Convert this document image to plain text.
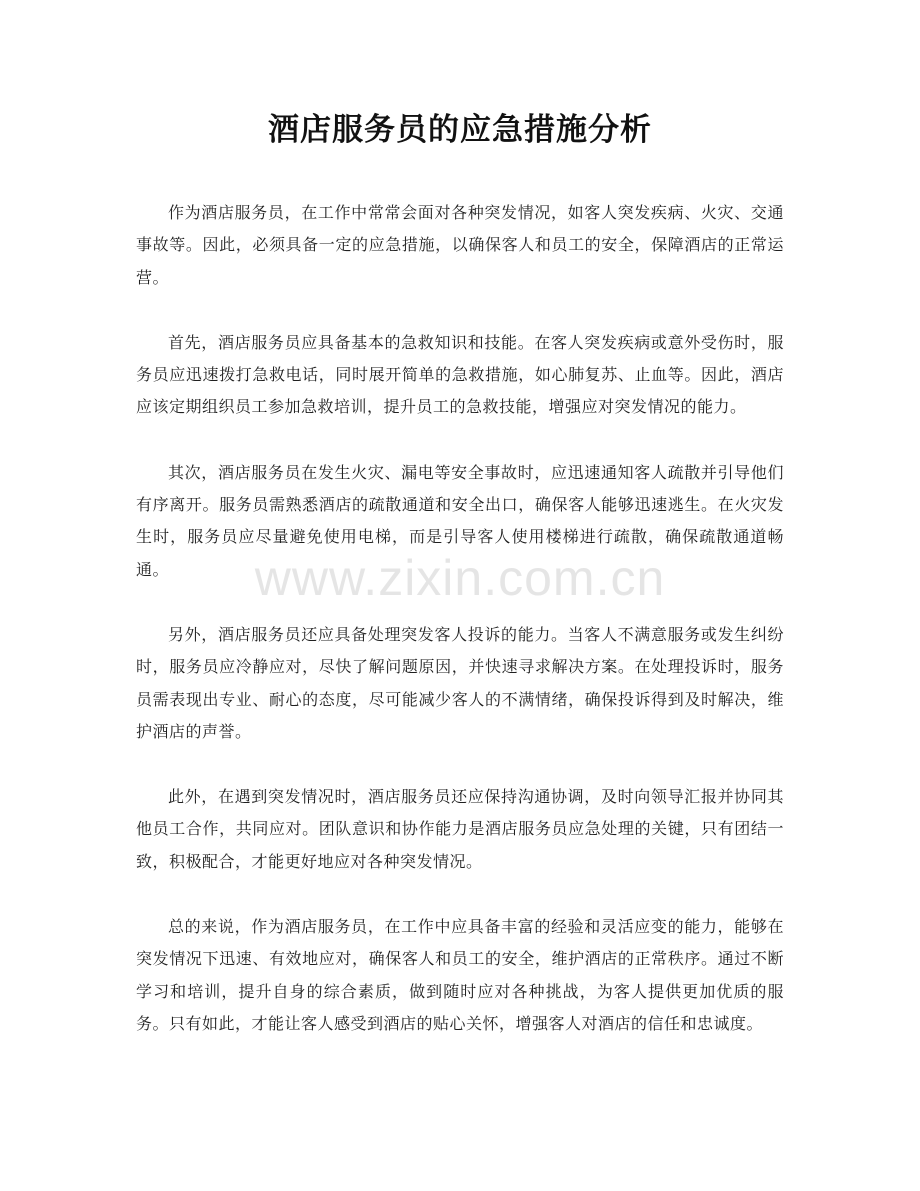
酒店服务员的应急措施分析

作为酒店服务员，在工作中常常会面对各种突发情况，如客人突发疾病、火灾、交通事故等。因此，必须具备一定的应急措施，以确保客人和员工的安全，保障酒店的正常运营。

首先，酒店服务员应具备基本的急救知识和技能。在客人突发疾病或意外受伤时，服务员应迅速拨打急救电话，同时展开简单的急救措施，如心肺复苏、止血等。因此，酒店应该定期组织员工参加急救培训，提升员工的急救技能，增强应对突发情况的能力。

其次，酒店服务员在发生火灾、漏电等安全事故时，应迅速通知客人疏散并引导他们有序离开。服务员需熟悉酒店的疏散通道和安全出口，确保客人能够迅速逃生。在火灾发生时，服务员应尽量避免使用电梯，而是引导客人使用楼梯进行疏散，确保疏散通道畅通。

另外，酒店服务员还应具备处理突发客人投诉的能力。当客人不满意服务或发生纠纷时，服务员应冷静应对，尽快了解问题原因，并快速寻求解决方案。在处理投诉时，服务员需表现出专业、耐心的态度，尽可能减少客人的不满情绪，确保投诉得到及时解决，维护酒店的声誉。

此外，在遇到突发情况时，酒店服务员还应保持沟通协调，及时向领导汇报并协同其他员工合作，共同应对。团队意识和协作能力是酒店服务员应急处理的关键，只有团结一致，积极配合，才能更好地应对各种突发情况。

总的来说，作为酒店服务员，在工作中应具备丰富的经验和灵活应变的能力，能够在突发情况下迅速、有效地应对，确保客人和员工的安全，维护酒店的正常秩序。通过不断学习和培训，提升自身的综合素质，做到随时应对各种挑战，为客人提供更加优质的服务。只有如此，才能让客人感受到酒店的贴心关怀，增强客人对酒店的信任和忠诚度。

www.zixin.com.cn
